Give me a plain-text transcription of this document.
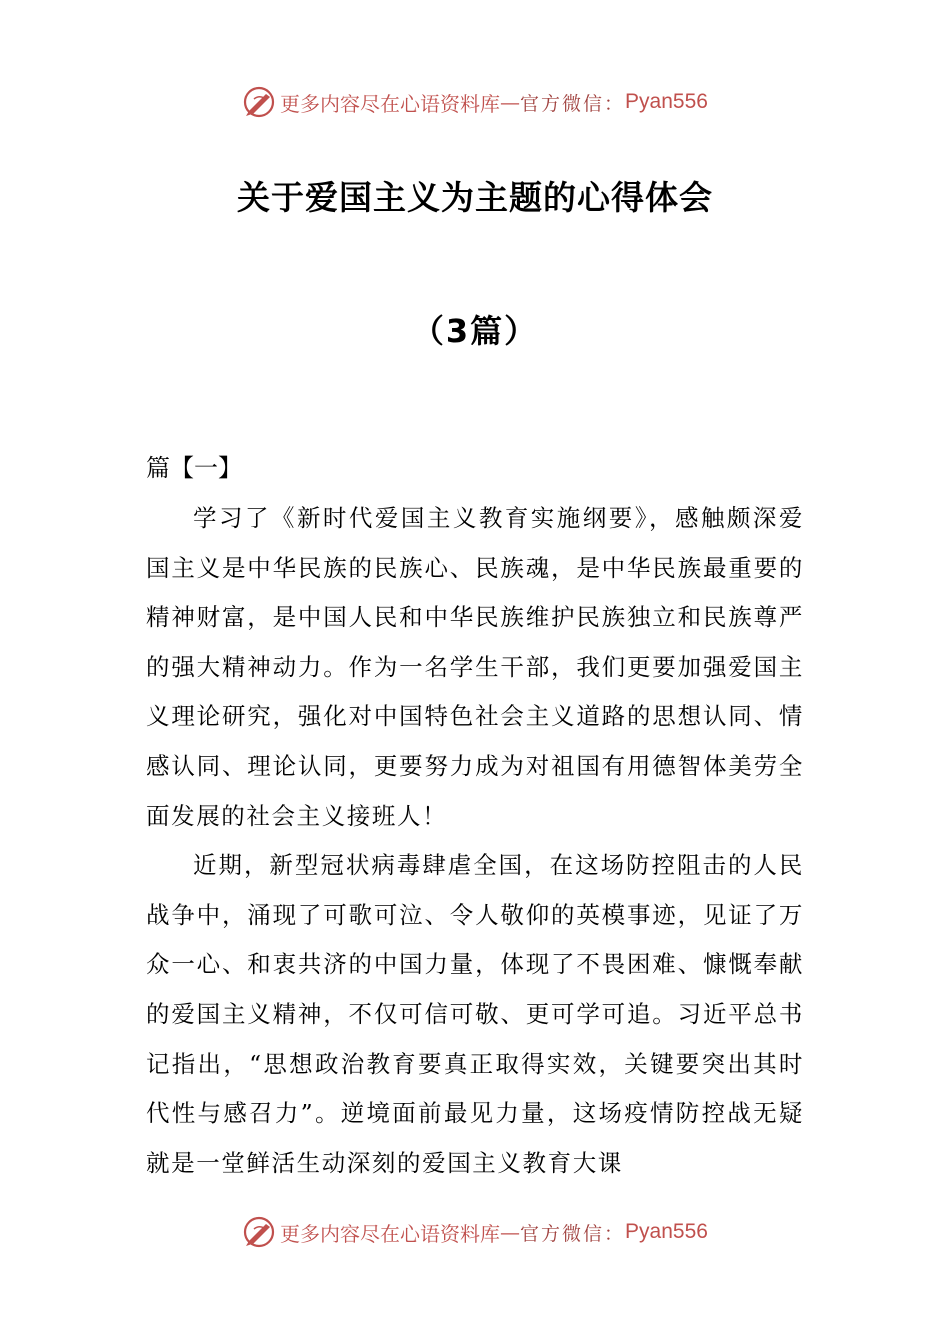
更多内容尽在心语资料库 — 官方微信： Pyan556
关于爱国主义为主题的心得体会
（3篇）
篇【一】

学习了《新时代爱国主义教育实施纲要》，感触颇深爱国主义是中华民族的民族心、民族魂，是中华民族最重要的精神财富，是中国人民和中华民族维护民族独立和民族尊严的强大精神动力。作为一名学生干部，我们更要加强爱国主义理论研究，强化对中国特色社会主义道路的思想认同、情感认同、理论认同，更要努力成为对祖国有用德智体美劳全面发展的社会主义接班人！

近期，新型冠状病毒肆虐全国，在这场防控阻击的人民战争中，涌现了可歌可泣、令人敬仰的英模事迹，见证了万众一心、和衷共济的中国力量，体现了不畏困难、慷慨奉献的爱国主义精神，不仅可信可敬、更可学可追。习近平总书记指出，“思想政治教育要真正取得实效，关键要突出其时代性与感召力”。逆境面前最见力量，这场疫情防控战无疑就是一堂鲜活生动深刻的爱国主义教育大课

更多内容尽在心语资料库 — 官方微信： Pyan556
